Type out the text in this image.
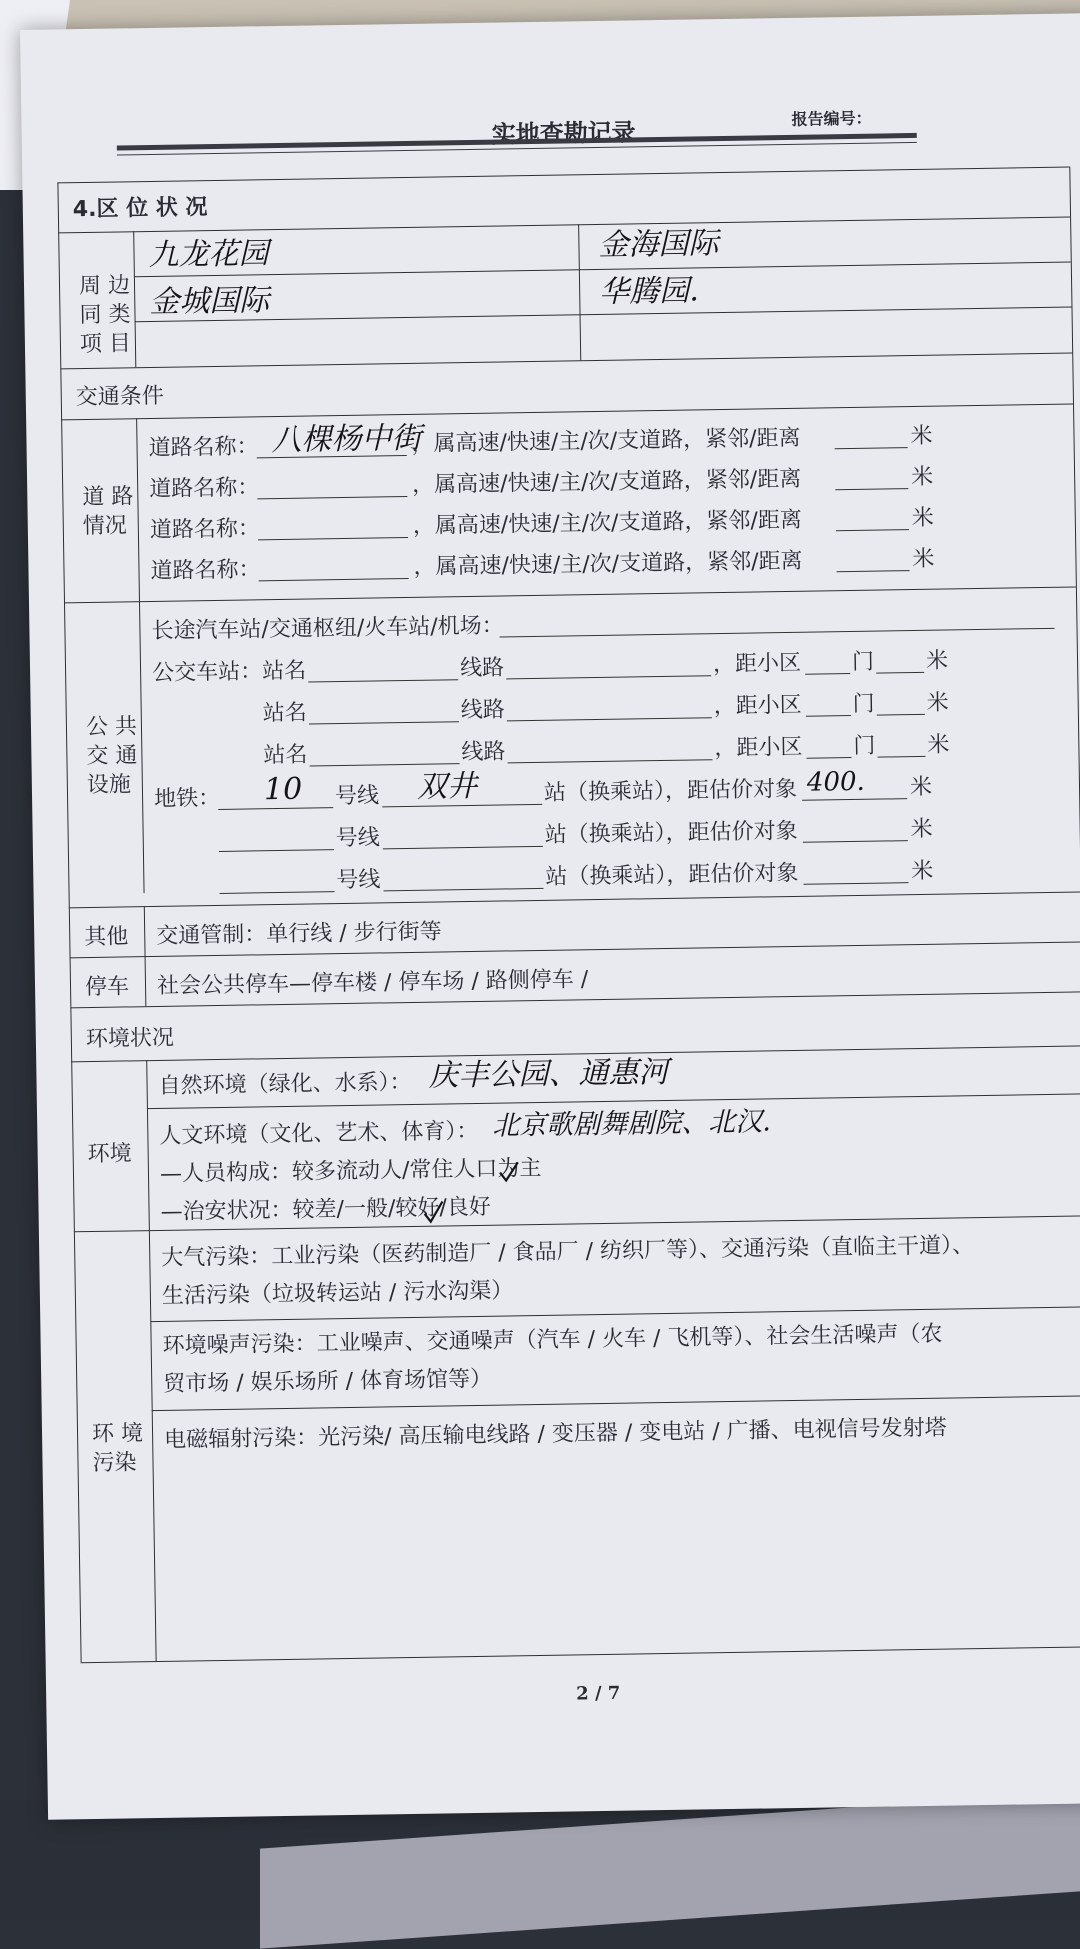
实地查勘记录	报告编号：
4.区 位 状 况
周 边
同 类
项 目
九龙花园	金海国际
金城国际	华腾园.
交通条件
道 路
情况
道路名称： 八棵杨中街
，属高速/快速/主/次/支道路，紧邻/距离	米
道路名称：	，属高速/快速/主/次/支道路，紧邻/距离	米
道路名称：	，属高速/快速/主/次/支道路，紧邻/距离	米
道路名称：	，属高速/快速/主/次/支道路，紧邻/距离	米
公 共
交 通
设施
长途汽车站/交通枢纽/火车站/机场：
公交车站： 站名	线路	，距小区 门 米
站名	线路	，距小区 门 米
站名	线路	，距小区 门 米
地铁： 10 号线 双井	站（换乘站），距估价对象 400. 米
号线	站（换乘站），距估价对象	米
号线	站（换乘站），距估价对象	米
其他 交通管制：单行线 / 步行街等
停车 社会公共停车—停车楼 / 停车场 / 路侧停车 /
环境状况
环境
自然环境（绿化、水系）： 庆丰公园、通惠河
人文环境（文化、艺术、体育）： 北京歌剧舞剧院、北汉.
—人员构成：较多流动人/常住人口为主
—治安状况：较差/一般/较好/良好
环 境
污染
大气污染：工业污染（医药制造厂 / 食品厂 / 纺织厂等）、交通污染（直临主干道）、
生活污染（垃圾转运站 / 污水沟渠）
环境噪声污染：工业噪声、交通噪声（汽车 / 火车 / 飞机等）、社会生活噪声（农
贸市场 / 娱乐场所 / 体育场馆等）
电磁辐射污染：光污染/ 高压输电线路 / 变压器 / 变电站 / 广播、电视信号发射塔
2 / 7
